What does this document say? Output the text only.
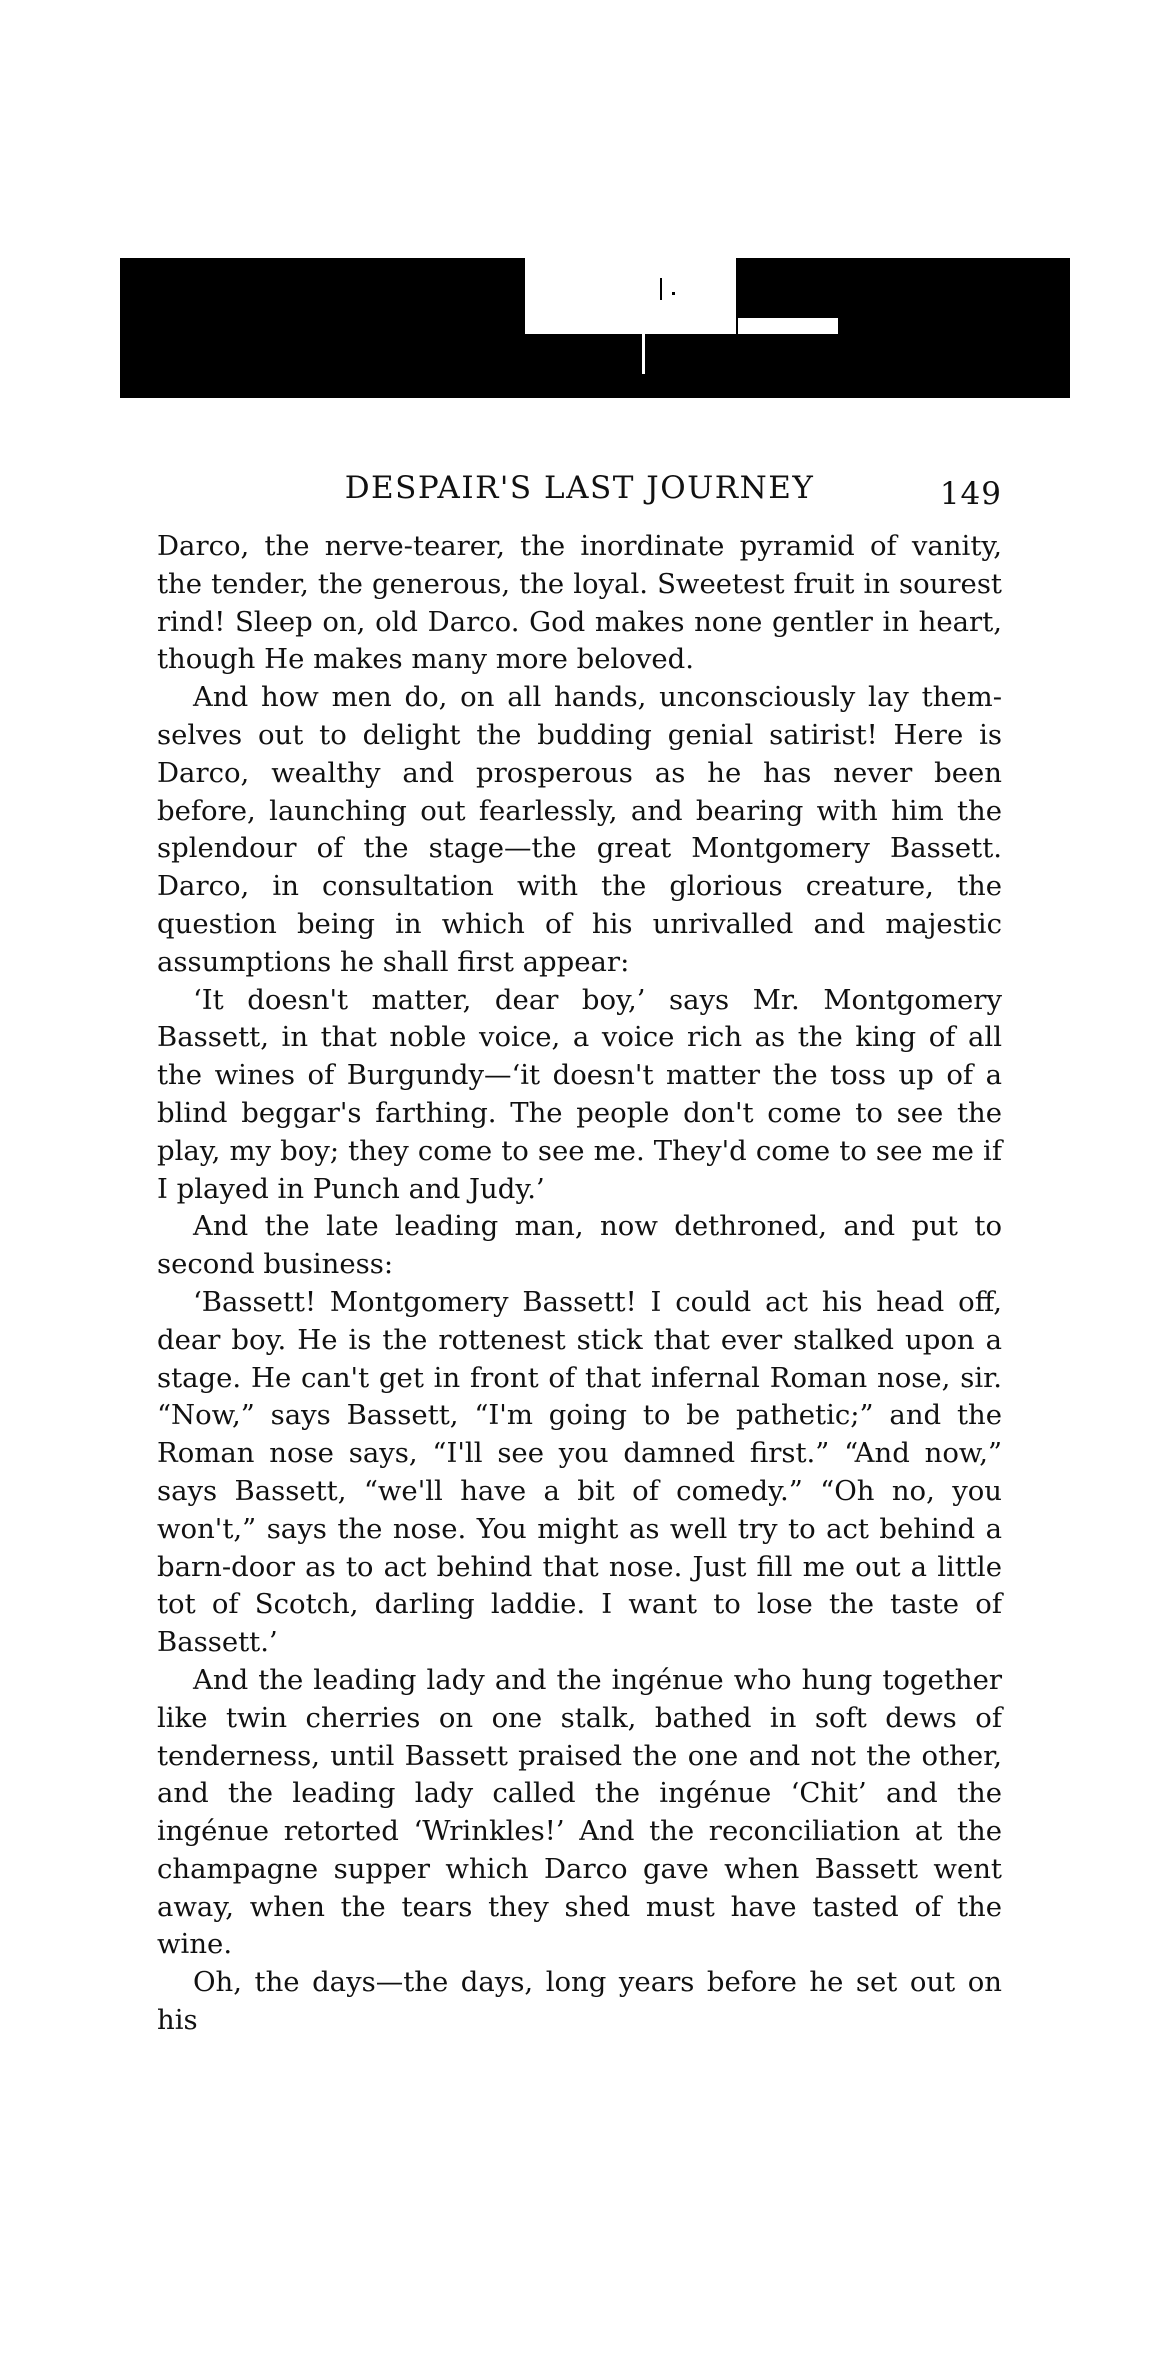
DESPAIR'S LAST JOURNEY	149

Darco, the nerve-tearer, the inordinate pyramid of vanity, the tender, the generous, the loyal. Sweetest fruit in sourest rind! Sleep on, old Darco. God makes none gentler in heart, though He makes many more beloved.

And how men do, on all hands, unconsciously lay themselves out to delight the budding genial satirist! Here is Darco, wealthy and prosperous as he has never been before, launching out fearlessly, and bearing with him the splendour of the stage—the great Montgomery Bassett. Darco, in consultation with the glorious creature, the question being in which of his unrivalled and majestic assumptions he shall first appear:

‘It doesn't matter, dear boy,’ says Mr. Montgomery Bassett, in that noble voice, a voice rich as the king of all the wines of Burgundy—‘it doesn't matter the toss up of a blind beggar's farthing. The people don't come to see the play, my boy; they come to see me. They'd come to see me if I played in Punch and Judy.’

And the late leading man, now dethroned, and put to second business:

‘Bassett! Montgomery Bassett! I could act his head off, dear boy. He is the rottenest stick that ever stalked upon a stage. He can't get in front of that infernal Roman nose, sir. “Now,” says Bassett, “I'm going to be pathetic;” and the Roman nose says, “I'll see you damned first.” “And now,” says Bassett, “we'll have a bit of comedy.” “Oh no, you won't,” says the nose. You might as well try to act behind a barn-door as to act behind that nose. Just fill me out a little tot of Scotch, darling laddie. I want to lose the taste of Bassett.’

And the leading lady and the ingénue who hung together like twin cherries on one stalk, bathed in soft dews of tenderness, until Bassett praised the one and not the other, and the leading lady called the ingénue ‘Chit’ and the ingénue retorted ‘Wrinkles!’ And the reconciliation at the champagne supper which Darco gave when Bassett went away, when the tears they shed must have tasted of the wine.

Oh, the days—the days, long years before he set out on his
